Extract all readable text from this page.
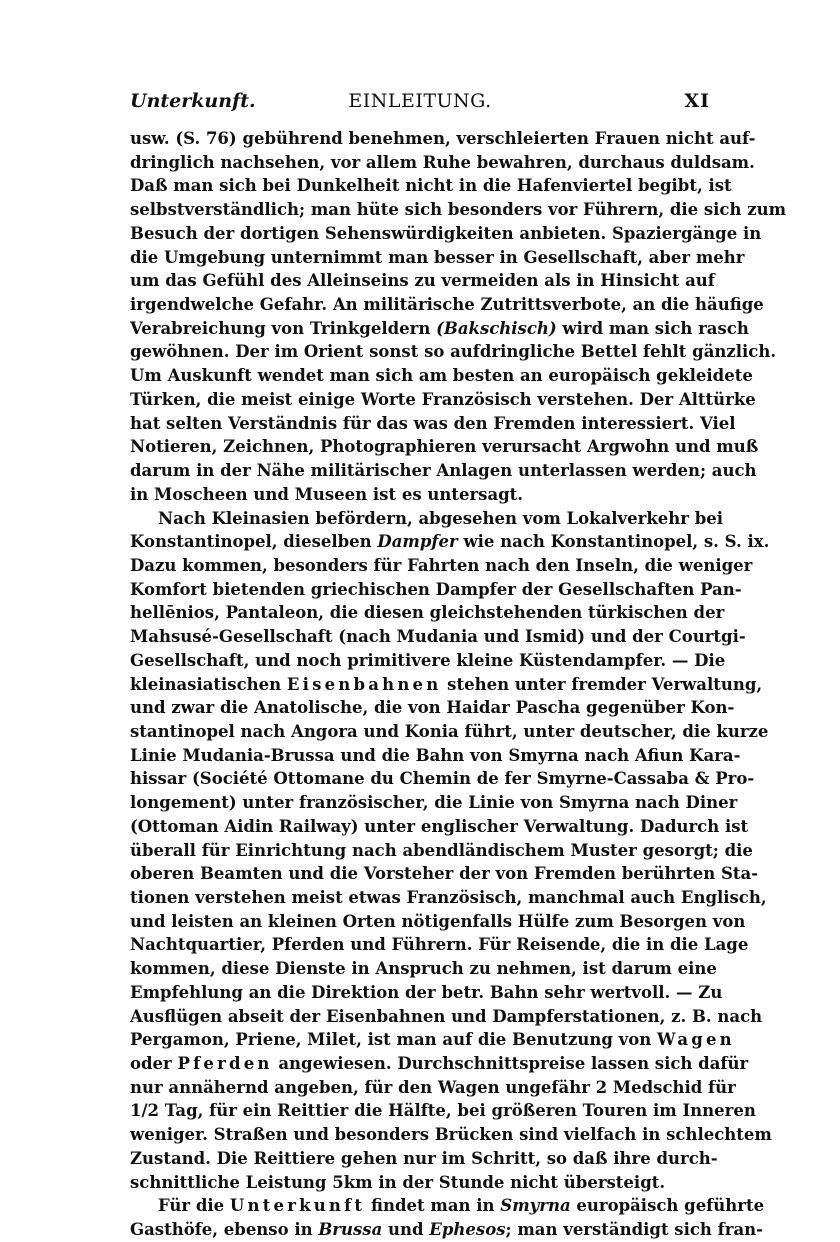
Unterkunft.	EINLEITUNG.	XI
usw. (S. 76) gebührend benehmen, verschleierten Frauen nicht auf-
dringlich nachsehen, vor allem Ruhe bewahren, durchaus duldsam.
Daß man sich bei Dunkelheit nicht in die Hafenviertel begibt, ist
selbstverständlich; man hüte sich besonders vor Führern, die sich zum
Besuch der dortigen Sehenswürdigkeiten anbieten. Spaziergänge in
die Umgebung unternimmt man besser in Gesellschaft, aber mehr
um das Gefühl des Alleinseins zu vermeiden als in Hinsicht auf
irgendwelche Gefahr. An militärische Zutrittsverbote, an die häufige
Verabreichung von Trinkgeldern (Bakschisch) wird man sich rasch
gewöhnen. Der im Orient sonst so aufdringliche Bettel fehlt gänzlich.
Um Auskunft wendet man sich am besten an europäisch gekleidete
Türken, die meist einige Worte Französisch verstehen. Der Alttürke
hat selten Verständnis für das was den Fremden interessiert. Viel
Notieren, Zeichnen, Photographieren verursacht Argwohn und muß
darum in der Nähe militärischer Anlagen unterlassen werden; auch
in Moscheen und Museen ist es untersagt.
Nach Kleinasien befördern, abgesehen vom Lokalverkehr bei
Konstantinopel, dieselben Dampfer wie nach Konstantinopel, s. S. ix.
Dazu kommen, besonders für Fahrten nach den Inseln, die weniger
Komfort bietenden griechischen Dampfer der Gesellschaften Pan-
hellēnios, Pantaleon, die diesen gleichstehenden türkischen der
Mahsusé-Gesellschaft (nach Mudania und Ismid) und der Courtgi-
Gesellschaft, und noch primitivere kleine Küstendampfer. — Die
kleinasiatischen Eisenbahnen stehen unter fremder Verwaltung,
und zwar die Anatolische, die von Haidar Pascha gegenüber Kon-
stantinopel nach Angora und Konia führt, unter deutscher, die kurze
Linie Mudania-Brussa und die Bahn von Smyrna nach Afiun Kara-
hissar (Société Ottomane du Chemin de fer Smyrne-Cassaba & Pro-
longement) unter französischer, die Linie von Smyrna nach Diner
(Ottoman Aidin Railway) unter englischer Verwaltung. Dadurch ist
überall für Einrichtung nach abendländischem Muster gesorgt; die
oberen Beamten und die Vorsteher der von Fremden berührten Sta-
tionen verstehen meist etwas Französisch, manchmal auch Englisch,
und leisten an kleinen Orten nötigenfalls Hülfe zum Besorgen von
Nachtquartier, Pferden und Führern. Für Reisende, die in die Lage
kommen, diese Dienste in Anspruch zu nehmen, ist darum eine
Empfehlung an die Direktion der betr. Bahn sehr wertvoll. — Zu
Ausflügen abseit der Eisenbahnen und Dampferstationen, z. B. nach
Pergamon, Priene, Milet, ist man auf die Benutzung von Wagen
oder Pferden angewiesen. Durchschnittspreise lassen sich dafür
nur annähernd angeben, für den Wagen ungefähr 2 Medschid für
1/2 Tag, für ein Reittier die Hälfte, bei größeren Touren im Inneren
weniger. Straßen und besonders Brücken sind vielfach in schlechtem
Zustand. Die Reittiere gehen nur im Schritt, so daß ihre durch-
schnittliche Leistung 5km in der Stunde nicht übersteigt.
Für die Unterkunft findet man in Smyrna europäisch geführte
Gasthöfe, ebenso in Brussa und Ephesos; man verständigt sich fran-
